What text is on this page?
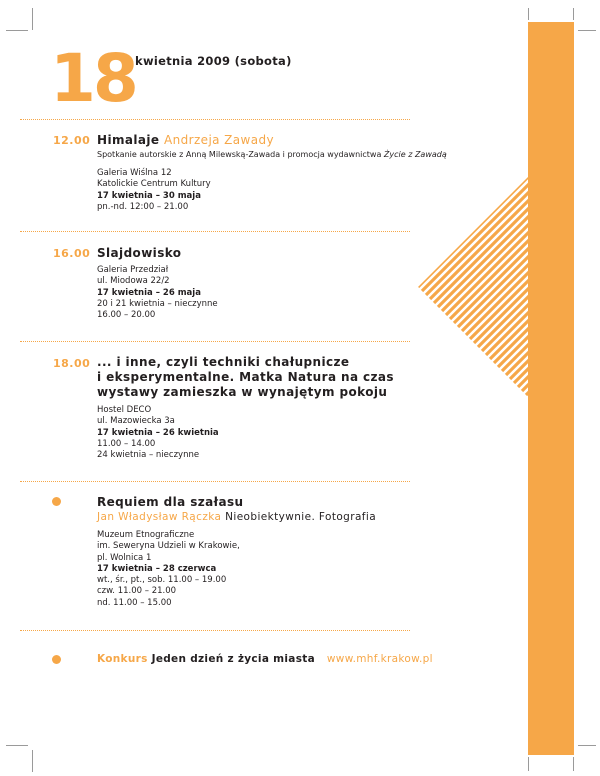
18 kwietnia 2009 (sobota)
12.00 Himalaje Andrzeja Zawady
Spotkanie autorskie z Anną Milewską-Zawada i promocja wydawnictwa Życie z Zawadą
Galeria Wiślna 12
Katolickie Centrum Kultury
17 kwietnia – 30 maja
pn.-nd. 12:00 – 21.00
16.00 Slajdowisko
Galeria Przedział
ul. Miodowa 22/2
17 kwietnia – 26 maja
20 i 21 kwietnia – nieczynne
16.00 – 20.00
18.00 ... i inne, czyli techniki chałupnicze
i eksperymentalne. Matka Natura na czas
wystawy zamieszka w wynajętym pokoju
Hostel DECO
ul. Mazowiecka 3a
17 kwietnia – 26 kwietnia
11.00 – 14.00
24 kwietnia – nieczynne
Requiem dla szałasu
Jan Władysław Rączka Nieobiektywnie. Fotografia
Muzeum Etnograficzne
im. Seweryna Udzieli w Krakowie,
pl. Wolnica 1
17 kwietnia – 28 czerwca
wt., śr., pt., sob. 11.00 – 19.00
czw. 11.00 – 21.00
nd. 11.00 – 15.00
Konkurs Jeden dzień z życia miasta www.mhf.krakow.pl
